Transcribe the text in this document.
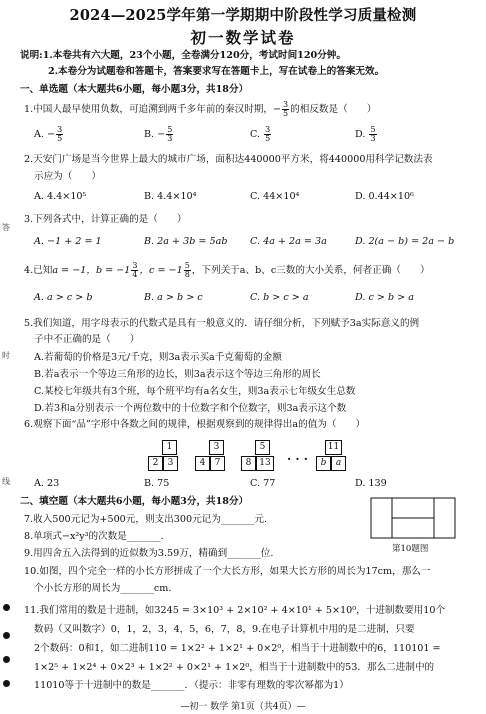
2024—2025学年第一学期期中阶段性学习质量检测
初一数学试卷
答
时
线
说明:1.本卷共有六大题，23个小题，全卷满分120分，考试时间120分钟。
2.本卷分为试题卷和答题卡，答案要求写在答题卡上，写在试卷上的答案无效。
一、单选题（本大题共6小题，每小题3分，共18分）
1.中国人最早使用负数，可追溯到两千多年前的秦汉时期，− $\frac{3}{5}$ 的相反数是（　　）
A. − $\frac{3}{5}$	B. − $\frac{5}{3}$	C. $\frac{3}{5}$	D. $\frac{5}{3}$
2.天安门广场是当今世界上最大的城市广场，面积达440000平方米，将440000用科学记数法表
示应为（　　）
A. 4.4×10⁵	B. 4.4×10⁴	C. 44×10⁴	D. 0.44×10⁶
3.下列各式中，计算正确的是（　　）
A. −1 + 2 = 1	B. 2a + 3b = 5ab C. 4a + 2a = 3a	D. 2(a − b) = 2a − b
4.已知a = −1，$b = -1 \frac{3}{4}$ ，$c = -1 \frac{5}{8}$ ，下列关于a、b、c三数的大小关系，何者正确（　　）
A. a > c > b	B. a > b > c	C. b > c > a	D. c > b > a
5.我们知道，用字母表示的代数式是具有一般意义的．请仔细分析，下列赋予3a实际意义的例
子中不正确的是（　　）
A.若葡萄的价格是3元/千克，则3a表示买a千克葡萄的金额
B.若a表示一个等边三角形的边长，则3a表示这个等边三角形的周长
C.某校七年级共有3个班，每个班平均有a名女生，则3a表示七年级女生总数
D.若3和a分别表示一个两位数中的十位数字和个位数字，则3a表示这个数
6.观察下面“品”字形中各数之间的规律，根据观察到的规律得出a的值为（　　）
1
2	3
3
4	7
5
8 13 · · ·
11
b	a
A. 23	B. 75	C. 77	D. 139
二、填空题（本大题共6小题，每小题3分，共18分）
7.收入500元记为+500元，则支出300元记为_______元.
8.单项式−x²y³的次数是_______.
9.用四舍五入法得到的近似数为3.59万，精确到_______位.
10.如图，四个完全一样的小长方形拼成了一个大长方形，如果大长方形的周长为17cm，那么一
个小长方形的周长为_______cm.
第10题图
11.我们常用的数是十进制，如3245 = 3×10³ + 2×10² + 4×10¹ + 5×10⁰，十进制数要用10个
数码（又叫数字）0，1，2，3，4，5，6，7，8，9.在电子计算机中用的是二进制，只要
2个数码：0和1，如二进制110 = 1×2² + 1×2¹ + 0×2⁰，相当于十进制数中的6，110101 =
1×2⁵ + 1×2⁴ + 0×2³ + 1×2² + 0×2¹ + 1×2⁰，相当于十进制数中的53．那么二进制中的
11010等于十进制中的数是_______．（提示：非零有理数的零次幂都为1）
—初一 数学 第1页（共4页）—
